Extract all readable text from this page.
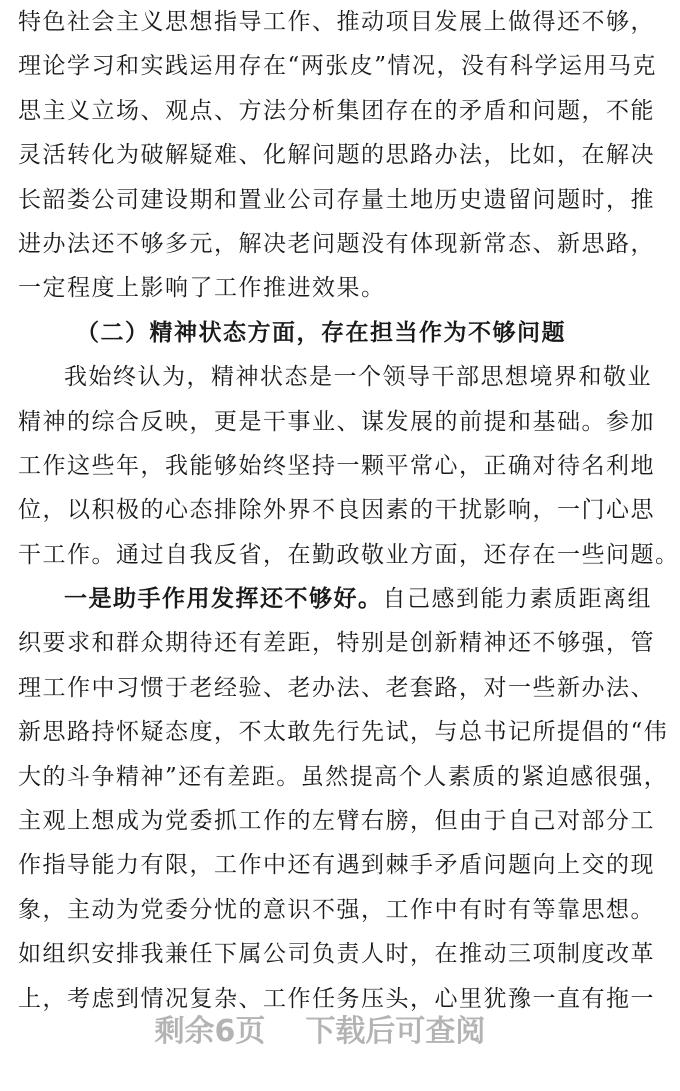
特色社会主义思想指导工作、推动项目发展上做得还不够，
理论学习和实践运用存在“两张皮”情况，没有科学运用马克
思主义立场、观点、方法分析集团存在的矛盾和问题，不能
灵活转化为破解疑难、化解问题的思路办法，比如，在解决
长韶娄公司建设期和置业公司存量土地历史遗留问题时，推
进办法还不够多元，解决老问题没有体现新常态、新思路，
一定程度上影响了工作推进效果。
（二）精神状态方面，存在担当作为不够问题
我始终认为，精神状态是一个领导干部思想境界和敬业
精神的综合反映，更是干事业、谋发展的前提和基础。参加
工作这些年，我能够始终坚持一颗平常心，正确对待名利地
位，以积极的心态排除外界不良因素的干扰影响，一门心思
干工作。通过自我反省，在勤政敬业方面，还存在一些问题。
一是助手作用发挥还不够好。自己感到能力素质距离组
织要求和群众期待还有差距，特别是创新精神还不够强，管
理工作中习惯于老经验、老办法、老套路，对一些新办法、
新思路持怀疑态度，不太敢先行先试，与总书记所提倡的“伟
大的斗争精神”还有差距。虽然提高个人素质的紧迫感很强，
主观上想成为党委抓工作的左臂右膀，但由于自己对部分工
作指导能力有限，工作中还有遇到棘手矛盾问题向上交的现
象，主动为党委分忧的意识不强，工作中有时有等靠思想。
如组织安排我兼任下属公司负责人时，在推动三项制度改革
上，考虑到情况复杂、工作任务压头，心里犹豫一直有拖一
剩余6页 下载后可查阅
